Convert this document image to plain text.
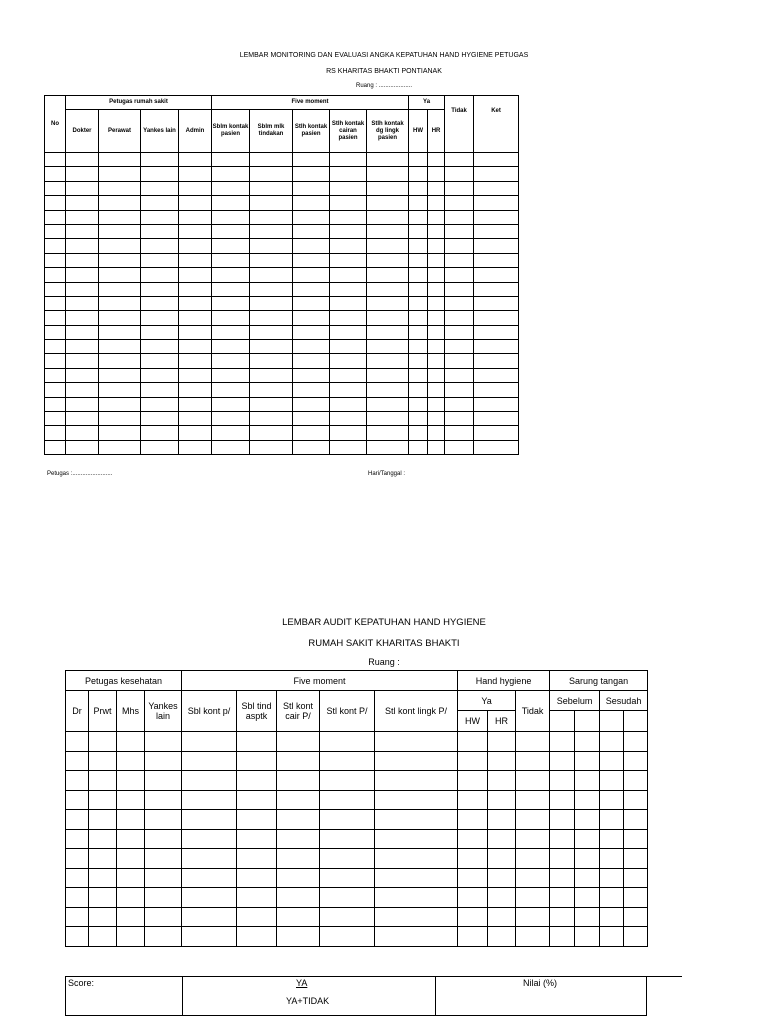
LEMBAR MONITORING DAN EVALUASI ANGKA KEPATUHAN HAND HYGIENE PETUGAS
RS KHARITAS BHAKTI PONTIANAK
Ruang : ....................
No	Petugas rumah sakit				Five moment					Ya		Tidak	Ket
	Dokter	Perawat	Yankes lain	Admin	Sblm kontak pasien	Sblm mlk tindakan	Stlh kontak pasien	Stlh kontak cairan pasien	Stlh kontak dg lingk pasien	HW	HR		

Petugas :........................	Hari/Tanggal :
LEMBAR AUDIT KEPATUHAN HAND HYGIENE
RUMAH SAKIT KHARITAS BHAKTI
Ruang :
Petugas kesehatan				Five moment					Hand hygiene			Sarung tangan			
Dr	Prwt	Mhs	Yankes lain	Sbl kont p/	Sbl tind asptk	Stl kont cair P/	Stl kont P/	Stl kont lingk P/	Ya		Tidak	Sebelum		Sesudah	
									HW	HR					

Score:	YA
YA+TIDAK
Nilai (%)
